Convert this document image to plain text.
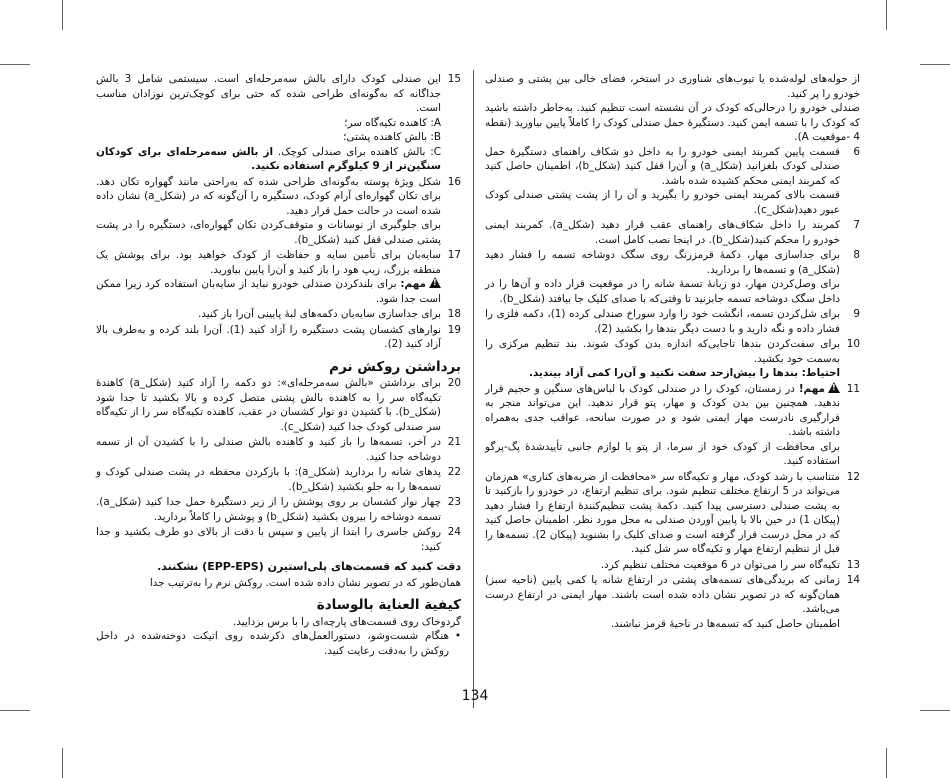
از حوله‌های لوله‌شده یا تیوب‌های شناوری در استخر، فضای خالی بین پشتی و صندلی خودرو را پر کنید.

صندلی خودرو را درحالی‌که کودک در آن نشسته است تنظیم کنید. به‌خاطر داشته باشید که کودک را با تسمه ایمن کنید. دستگیرهٔ حمل صندلی کودک را کاملاً پایین بیاورید (نقطه 4 -موقعیت A).

6

قسمت پایین کمربند ایمنی خودرو را به داخل دو شکاف راهنمای دستگیرهٔ حمل صندلی کودک بلغزانید (شکل_a) و آن‌را قفل کنید (شکل_b)، اطمینان حاصل کنید که کمربند ایمنی محکم کشیده شده باشد.

قسمت بالای کمربند ایمنی خودرو را بگیرید و آن را از پشت پشتی صندلی کودک عبور دهید(شکل_c).

7

کمربند را داخل شکاف‌های راهنمای عقب قرار دهید (شکل_a). کمربند ایمنی خودرو را محکم کنید(شکل_b). در اینجا نصب کامل است.

8

برای جداسازی مهار، دکمهٔ قرمزرنگ روی سگک دوشاخه تسمه را فشار دهید (شکل_a) و تسمه‌ها را بردارید.

برای وصل‌کردن مهار، دو زبانهٔ تسمهٔ شانه را در موقعیت قرار داده و آن‌ها را در داخل سگک دوشاخه تسمه جابزنید تا وقتی‌که با صدای کلیک جا بیافتد (شکل_b).

9

برای شل‌کردن تسمه، انگشت خود را وارد سوراخ صندلی کرده (1)، دکمه فلزی را فشار داده و نگه دارید و با دست دیگر بندها را بکشید (2).

10

برای سفت‌کردن بندها تاجایی‌که اندازه بدن کودک شوند. بند تنظیم مرکزی را به‌سمت خود بکشید.

احتیاط: بندها را بیش‌ازحد سفت نکنید و آن‌را کمی آزاد بیندید.

11

!مهم! در زمستان، کودک را در صندلی کودک با لباس‌های سنگین و حجیم قرار ندهید. همچنین بین بدن کودک و مهار، پتو قرار ندهید. این می‌تواند منجر به قرارگیری نادرست مهار ایمنی شود و در صورت سانحه، عواقب جدی به‌همراه داشته باشد.

برای محافظت از کودک خود از سرما، از پتو یا لوازم جانبی تأییدشدهٔ پگ-پرگو استفاده کنید.

12

متناسب با رشد کودک، مهار و تکیه‌گاه سر «محافظت از ضربه‌های کناری» هم‌زمان می‌تواند در 5 ارتفاع مختلف تنظیم شود. برای تنظیم ارتفاع، در خودرو را بازکنید تا به پشت صندلی دسترسی پیدا کنید. دکمهٔ پشت تنظیم‌کنندهٔ ارتفاع را فشار دهید (پیکان 1) در حین بالا یا پایین آوردن صندلی به محل مورد نظر. اطمینان حاصل کنید که در محل درست قرار گرفته است و صدای کلیک را بشنوید (پیکان 2). تسمه‌ها را قبل از تنظیم ارتفاع مهار و تکیه‌گاه سر شل کنید.

13

تکیه‌گاه سر را می‌توان در 6 موقعیت مختلف تنظیم کرد.

14

زمانی که بریدگی‌های تسمه‌های پشتی در ارتفاع شانه یا کمی پایین (ناحیه سبز) همان‌گونه که در تصویر نشان داده شده است باشند. مهار ایمنی در ارتفاع درست می‌باشد.

اطمینان حاصل کنید که تسمه‌ها در ناحیهٔ قرمز نباشند.

15

این صندلی کودک دارای بالش سه‌مرحله‌ای است. سیستمی شامل 3 بالش جداگانه که به‌گونه‌ای طراحی شده که حتی برای کوچک‌ترین نوزادان مناسب است.

A: کاهنده تکیه‌گاه سر؛

B: بالش کاهنده پشتی؛

C: بالش کاهنده برای صندلی کوچک. از بالش سه‌مرحله‌ای برای کودکان سنگین‌تر از 9 کیلوگرم استفاده نکنید.

16

شکل ویژهٔ پوسته به‌گونه‌ای طراحی شده که به‌راحتی مانند گهواره تکان دهد. برای تکان گهواره‌ای آرام کودک، دستگیره را آن‌گونه که در (شکل_a) نشان داده شده است در حالت حمل قرار دهید.

برای جلوگیری از نوسانات و متوقف‌کردن تکان گهواره‌ای، دستگیره را در پشت پشتی صندلی قفل کنید (شکل_b).

17

سایه‌بان برای تأمین سایه و حفاظت از کودک خواهید بود. برای پوشش یک منطقه بزرگ، زیپ هود را باز کنید و آن‌را پایین بیاورید.

!مهم: برای بلندکردن صندلی خودرو نباید از سایه‌بان استفاده کرد زیرا ممکن است جدا شود.

18

برای جداسازی سایه‌بان دکمه‌های لبهٔ پایینی آن‌را باز کنید.

19

نوارهای کشسان پشت دستگیره را آزاد کنید (1). آن‌را بلند کرده و به‌طرف بالا آزاد کنید (2).

برداشتن روکش نرم
20

برای برداشتن «بالش سه‌مرحله‌ای»: دو دکمه را آزاد کنید (شکل_a) کاهندهٔ تکیه‌گاه سر را به کاهنده بالش پشتی متصل کرده و بالا بکشید تا جدا شود (شکل_b). با کشیدن دو نوار کشسان در عقب، کاهنده تکیه‌گاه سر را از تکیه‌گاه سر صندلی کودک جدا کنید (شکل_c).

21

در آخر، تسمه‌ها را باز کنید و کاهنده بالش صندلی را با کشیدن آن از تسمه دوشاخه جدا کنید.

22

پدهای شانه را بردارید (شکل_a): با بازکردن محفظه در پشت صندلی کودک و تسمه‌ها را به جلو بکشید (شکل_b).

23

چهار نوار کشسان بر روی پوشش را از زیر دستگیرهٔ حمل جدا کنید (شکل_a). تسمه دوشاخه را بیرون بکشید (شکل_b) و پوشش را کاملاً بردارید.

24

روکش جاسری را ابتدا از پایین و سپس با دقت از بالای دو طرف بکشید و جدا کنید:

دقت کنید که قسمت‌های پلی‌استیرن (EPP-EPS) نشکنند.

همان‌طور که در تصویر نشان داده شده است. روکش نرم را به‌ترتیب جدا

كيفية العناية بالوسادة

گردوخاک روی قسمت‌های پارچه‌ای را با برس بزدایید.

•

هنگام شست‌وشو، دستورالعمل‌های ذکرشده روی اتیکت دوخته‌شده در داخل روکش را به‌دقت رعایت کنید.

134
